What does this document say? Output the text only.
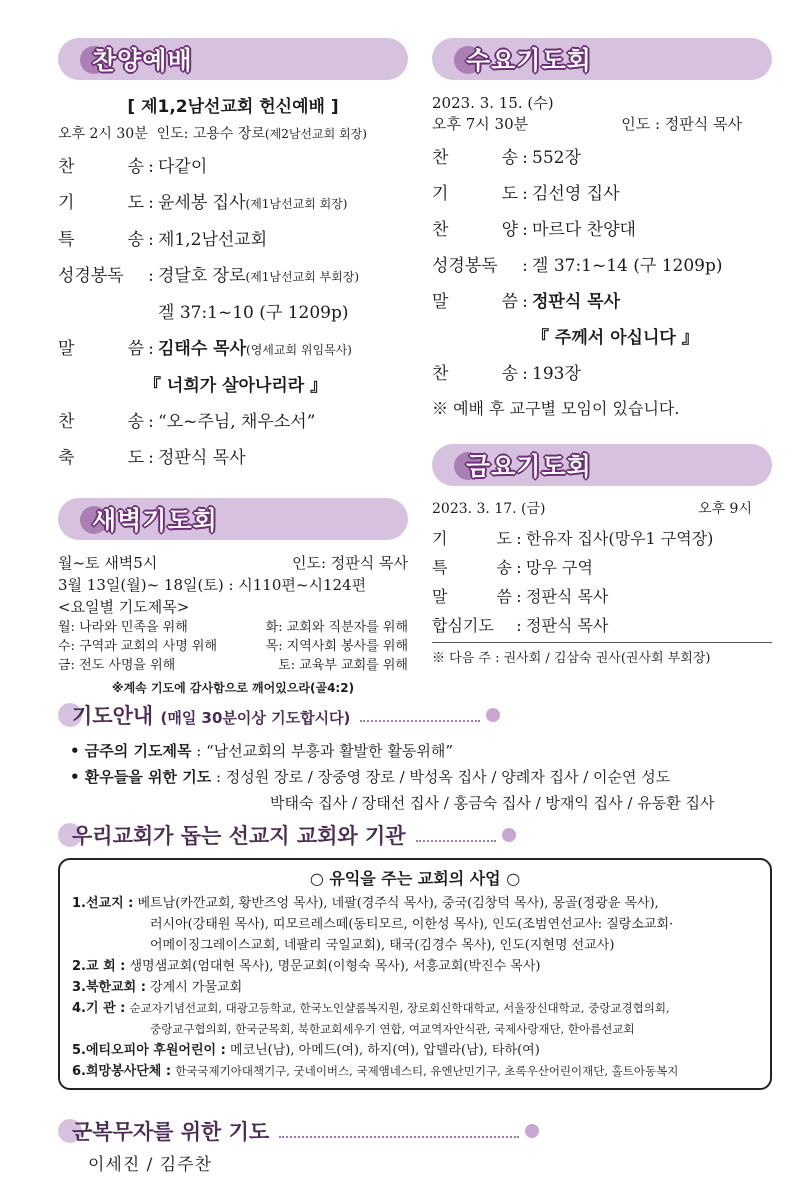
찬양예배
[ 제1,2남선교회 헌신예배 ]
오후 2시 30분 인도: 고용수 장로(제2남선교회 회장)
찬	송 : 다같이
기	도 : 윤세봉 집사(제1남선교회 회장)
특	송 : 제1,2남선교회
성경봉독	: 경달호 장로(제1남선교회 부회장)
겔 37:1~10 (구 1209p)
말	씀 : 김태수 목사(영세교회 위임목사)
『 너희가 살아나리라 』
찬	송 : “오~주님, 채우소서”
축	도 : 정판식 목사
새벽기도회
월~토 새벽5시	인도: 정판식 목사
3월 13일(월)~ 18일(토) : 시110편~시124편
<요일별 기도제목>
월: 나라와 민족을 위해	화: 교회와 직분자를 위해
수: 구역과 교회의 사명 위해	목: 지역사회 봉사를 위해
금: 전도 사명을 위해	토: 교육부 교회를 위해
※계속 기도에 감사함으로 깨어있으라(골4:2)
수요기도회
2023. 3. 15. (수)
오후 7시 30분	인도 : 정판식 목사
찬	송 : 552장
기	도 : 김선영 집사
찬	양 : 마르다 찬양대
성경봉독	: 겔 37:1~14 (구 1209p)
말	씀 : 정판식 목사
『 주께서 아십니다 』
찬	송 : 193장
※ 예배 후 교구별 모임이 있습니다.
금요기도회
2023. 3. 17. (금)	오후 9시
기	도 : 한유자 집사(망우1 구역장)
특	송 : 망우 구역
말	씀 : 정판식 목사
합심기도	: 정판식 목사
※ 다음 주 : 권사회 / 김삼숙 권사(권사회 부회장)
기도안내 (매일 30분이상 기도합시다)
• 금주의 기도제목
: “남선교회의 부흥과 활발한 활동위해”
• 환우들을 위한 기도
: 정성원 장로 / 장중영 장로 / 박성옥 집사 / 양례자 집사 / 이순연 성도
박태숙 집사 / 장태선 집사 / 홍금숙 집사 / 방재익 집사 / 유동환 집사
우리교회가 돕는 선교지 교회와 기관
○ 유익을 주는 교회의 사업 ○
1.선교지 :
베트남(카깐교회, 황반즈엉 목사), 네팔(경주식 목사), 중국(김창덕 목사), 몽골(정광윤 목사),
러시아(강태원 목사), 띠모르레스떼(동티모르, 이한성 목사), 인도(조범연선교사: 질랑소교회·
어메이징그레이스교회, 네팔리 국일교회), 태국(김경수 목사), 인도(지현명 선교사)
2.교 회 :
생명샘교회(엄대현 목사), 명문교회(이형숙 목사), 서흥교회(박진수 목사)
3.북한교회 :
강계시 가물교회
4.기 관 :
순교자기념선교회, 대광고등학교, 한국노인샬롬복지원, 장로회신학대학교, 서울장신대학교, 중랑교경협의회,
중랑교구협의회, 한국군목회, 북한교회세우기 연합, 여교역자안식관, 국제사랑재단, 한아름선교회
5.에티오피아 후원어린이 :
메코닌(남), 아메드(여), 하지(여), 압델라(남), 타하(여)
6.희망봉사단체 :
한국국제기아대책기구, 굿네이버스, 국제앰네스티, 유엔난민기구, 초록우산어린이재단, 홀트아동복지
군복무자를 위한 기도
이세진 / 김주찬
